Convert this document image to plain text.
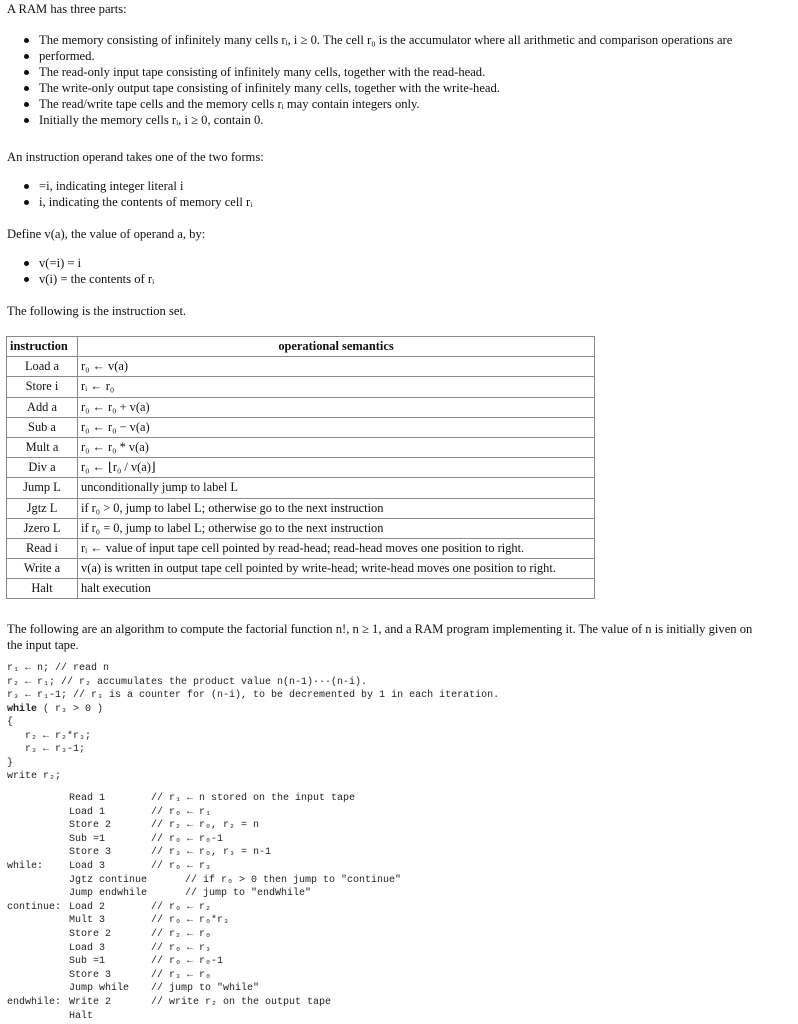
A RAM has three parts:

The memory consisting of infinitely many cells rᵢ, i ≥ 0. The cell r₀ is the accumulator where all arithmetic and comparison operations are
performed.
The read-only input tape consisting of infinitely many cells, together with the read-head.
The write-only output tape consisting of infinitely many cells, together with the write-head.
The read/write tape cells and the memory cells rᵢ may contain integers only.
Initially the memory cells rᵢ, i ≥ 0, contain 0.

An instruction operand takes one of the two forms:

=i, indicating integer literal i
i, indicating the contents of memory cell rᵢ

Define v(a), the value of operand a, by:

v(=i) = i
v(i) = the contents of rᵢ

The following is the instruction set.

instruction	operational semantics
Load a	r₀ ← v(a)
Store i	rᵢ ← r₀
Add a	r₀ ← r₀ + v(a)
Sub a	r₀ ← r₀ − v(a)
Mult a	r₀ ← r₀ * v(a)
Div a	r₀ ← ⌊r₀ / v(a)⌋
Jump L	unconditionally jump to label L
Jgtz L	if r₀ > 0, jump to label L; otherwise go to the next instruction
Jzero L	if r₀ = 0, jump to label L; otherwise go to the next instruction
Read i	rᵢ ← value of input tape cell pointed by read-head; read-head moves one position to right.
Write a	v(a) is written in output tape cell pointed by write-head; write-head moves one position to right.
Halt	halt execution

The following are an algorithm to compute the factorial function n!, n ≥ 1, and a RAM program implementing it. The value of n is initially given on

the input tape.

r₁ ← n; // read n
r₂ ← r₁; // r₂ accumulates the product value n(n-1)···(n-i).
r₃ ← r₁-1; // r₃ is a counter for (n-i), to be decremented by 1 in each iteration.
while ( r₃ > 0 )
{
r₂ ← r₂*r₃;
r₃ ← r₃-1;
}
write r₂;
Read 1	// r₁ ← n stored on the input tape
Load 1	// r₀ ← r₁
Store 2	// r₂ ← r₀, r₂ = n
Sub =1	// r₀ ← r₀-1
Store 3	// r₃ ← r₀, r₃ = n-1
while:	Load 3	// r₀ ← r₃
Jgtz continue	// if r₀ > 0 then jump to "continue"
Jump endwhile	// jump to "endWhile"
continue: Load 2	// r₀ ← r₂
Mult 3	// r₀ ← r₀*r₃
Store 2	// r₂ ← r₀
Load 3	// r₀ ← r₃
Sub =1	// r₀ ← r₀-1
Store 3	// r₃ ← r₀
Jump while // jump to "while"
endwhile: Write 2	// write r₂ on the output tape
Halt
